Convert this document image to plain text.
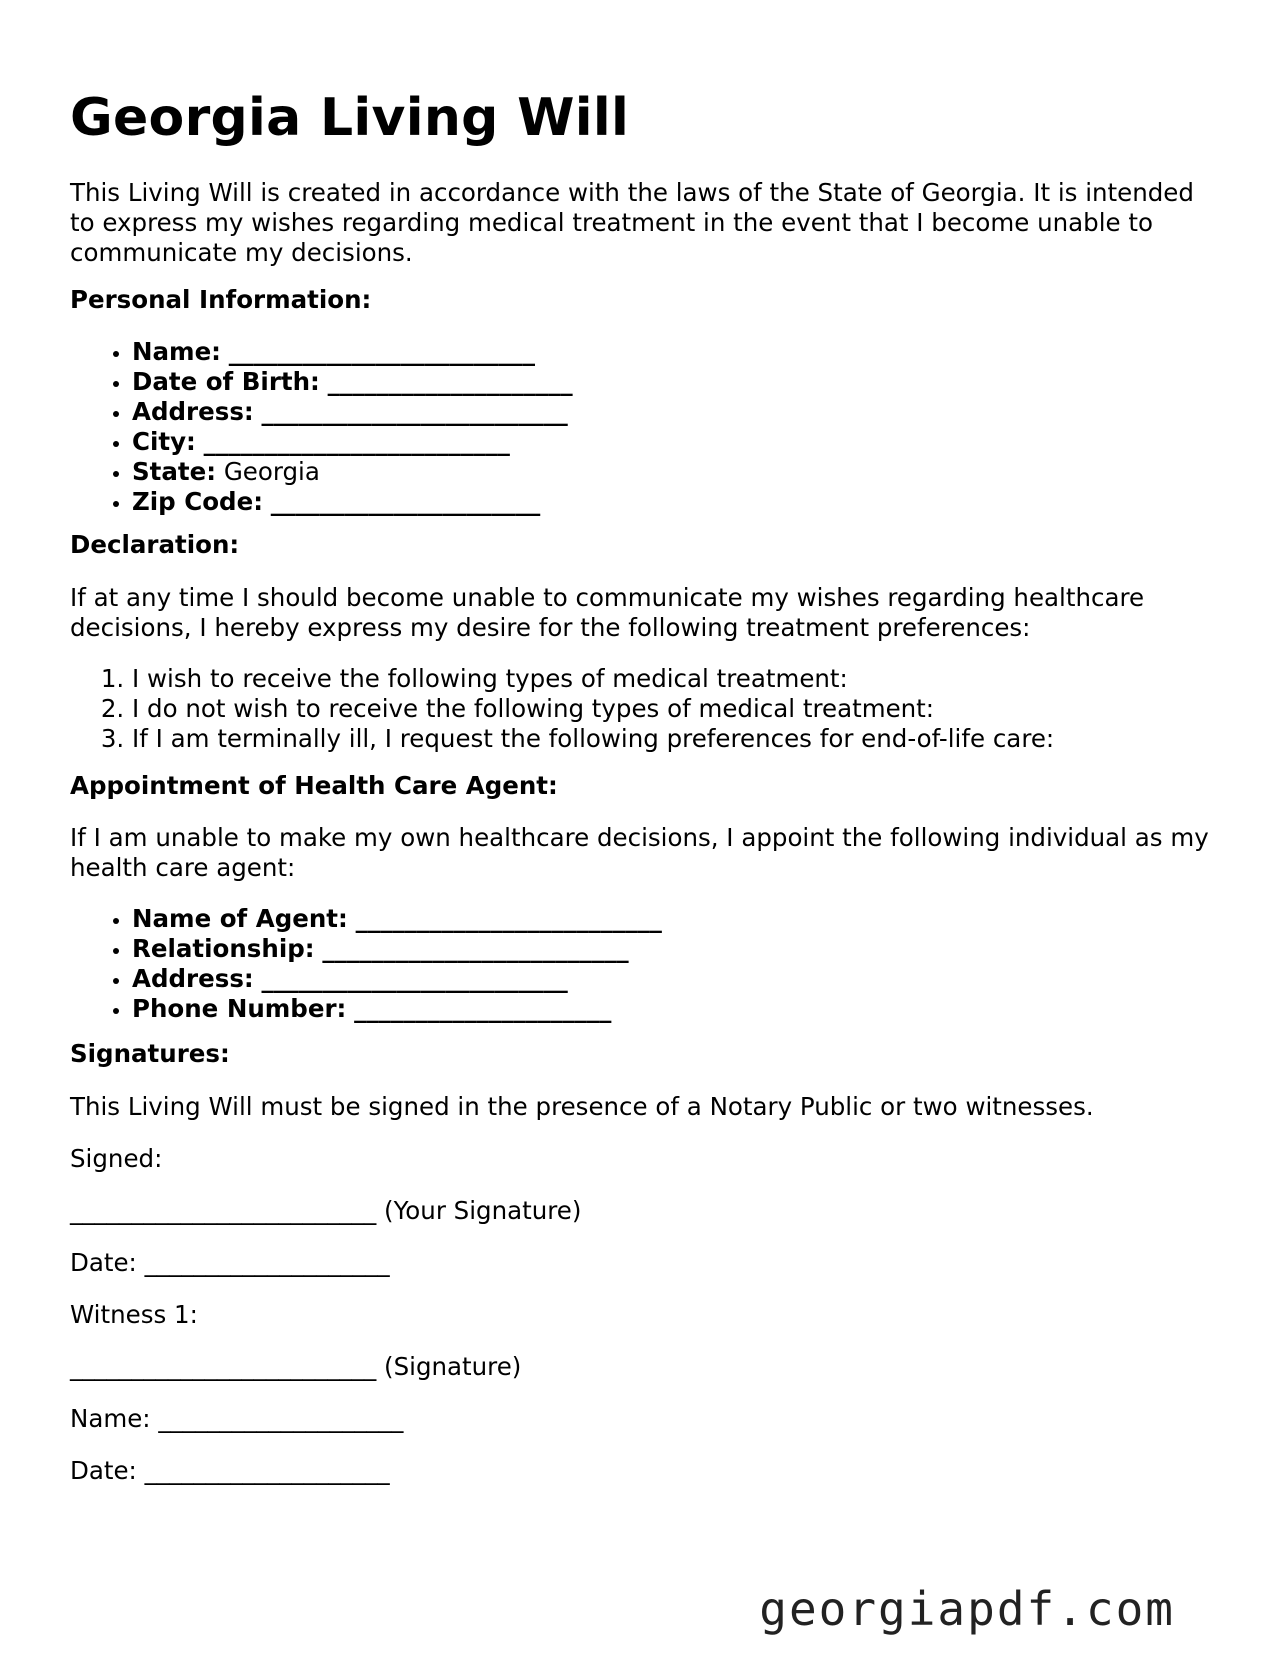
Georgia Living Will

This Living Will is created in accordance with the laws of the State of Georgia. It is intended to express my wishes regarding medical treatment in the event that I become unable to communicate my decisions.

Personal Information:

• Name: _________________________
• Date of Birth: ____________________
• Address: _________________________
• City: _________________________
• State: Georgia
• Zip Code: ______________________

Declaration:

If at any time I should become unable to communicate my wishes regarding healthcare decisions, I hereby express my desire for the following treatment preferences:

1. I wish to receive the following types of medical treatment:
2. I do not wish to receive the following types of medical treatment:
3. If I am terminally ill, I request the following preferences for end-of-life care:

Appointment of Health Care Agent:

If I am unable to make my own healthcare decisions, I appoint the following individual as my health care agent:

• Name of Agent: _________________________
• Relationship: _________________________
• Address: _________________________
• Phone Number: _____________________

Signatures:

This Living Will must be signed in the presence of a Notary Public or two witnesses.

Signed:

_________________________ (Your Signature)

Date: ____________________

Witness 1:

_________________________ (Signature)

Name: ____________________

Date: ____________________

georgiapdf.com
